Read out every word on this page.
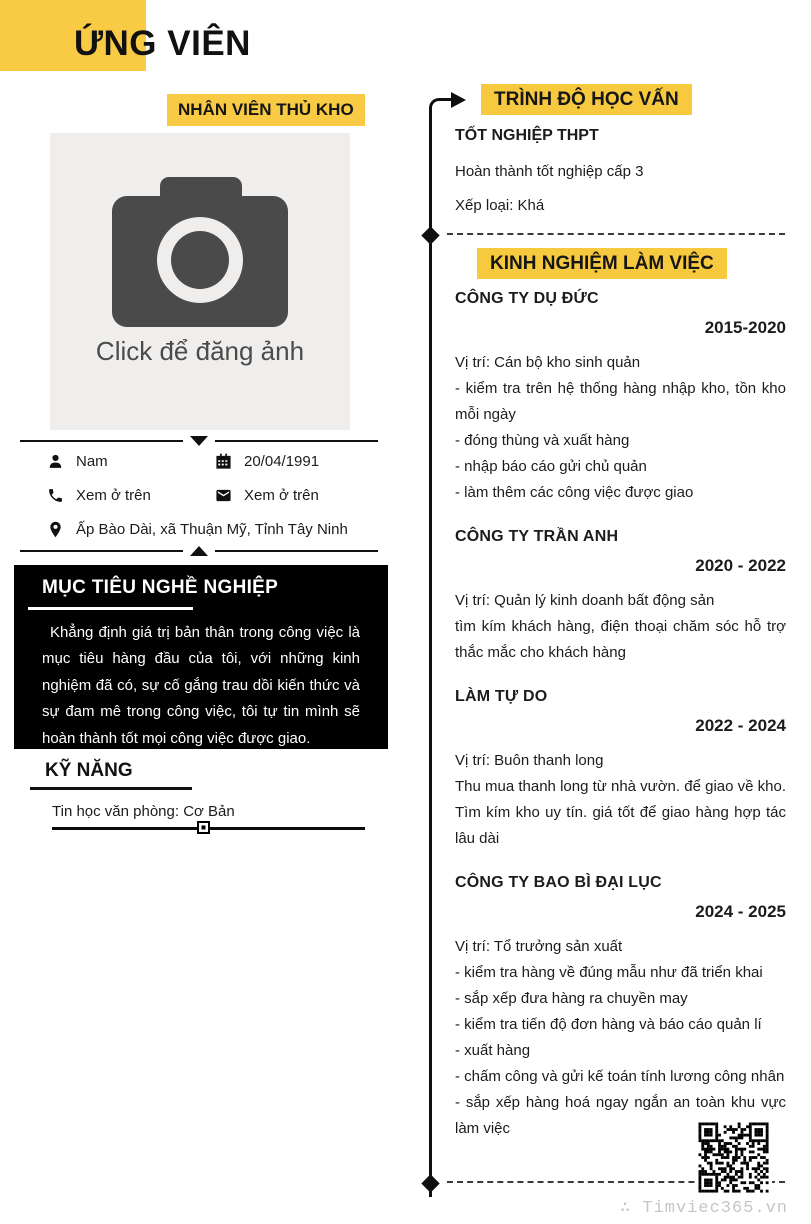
ỨNG VIÊN
NHÂN VIÊN THỦ KHO
Click để đăng ảnh
Nam	20/04/1991
Xem ở trên	Xem ở trên
Ấp Bào Dài, xã Thuận Mỹ, Tỉnh Tây Ninh
MỤC TIÊU NGHỀ NGHIỆP

Khẳng định giá trị bản thân trong công việc là mục tiêu hàng đầu của tôi, với những kinh nghiệm đã có, sự cố gắng trau dồi kiến thức và sự đam mê trong công việc, tôi tự tin mình sẽ hoàn thành tốt mọi công việc được giao.

KỸ NĂNG
Tin học văn phòng: Cơ Bản
TRÌNH ĐỘ HỌC VẤN
TỐT NGHIỆP THPT
Hoàn thành tốt nghiệp cấp 3
Xếp loại: Khá
KINH NGHIỆM LÀM VIỆC
CÔNG TY DỤ ĐỨC
2015-2020
Vị trí: Cán bộ kho sinh quản
- kiểm tra trên hệ thống hàng nhập kho, tồn kho mỗi ngày
- đóng thùng và xuất hàng
- nhập báo cáo gửi chủ quản
- làm thêm các công việc được giao
CÔNG TY TRẦN ANH
2020 - 2022
Vị trí: Quản lý kinh doanh bất động sản
tìm kím khách hàng, điện thoại chăm sóc hỗ trợ thắc mắc cho khách hàng
LÀM TỰ DO
2022 - 2024
Vị trí: Buôn thanh long
Thu mua thanh long từ nhà vườn. để giao về kho. Tìm kím kho uy tín. giá tốt để giao hàng hợp tác lâu dài
CÔNG TY BAO BÌ ĐẠI LỤC
2024 - 2025
Vị trí: Tổ trưởng sản xuất
- kiểm tra hàng về đúng mẫu như đã triển khai
- sắp xếp đưa hàng ra chuyền may
- kiểm tra tiến độ đơn hàng và báo cáo quản lí
- xuất hàng
- chấm công và gửi kế toán tính lương công nhân
- sắp xếp hàng hoá ngay ngắn an toàn khu vực làm việc
∴ Timviec365.vn
